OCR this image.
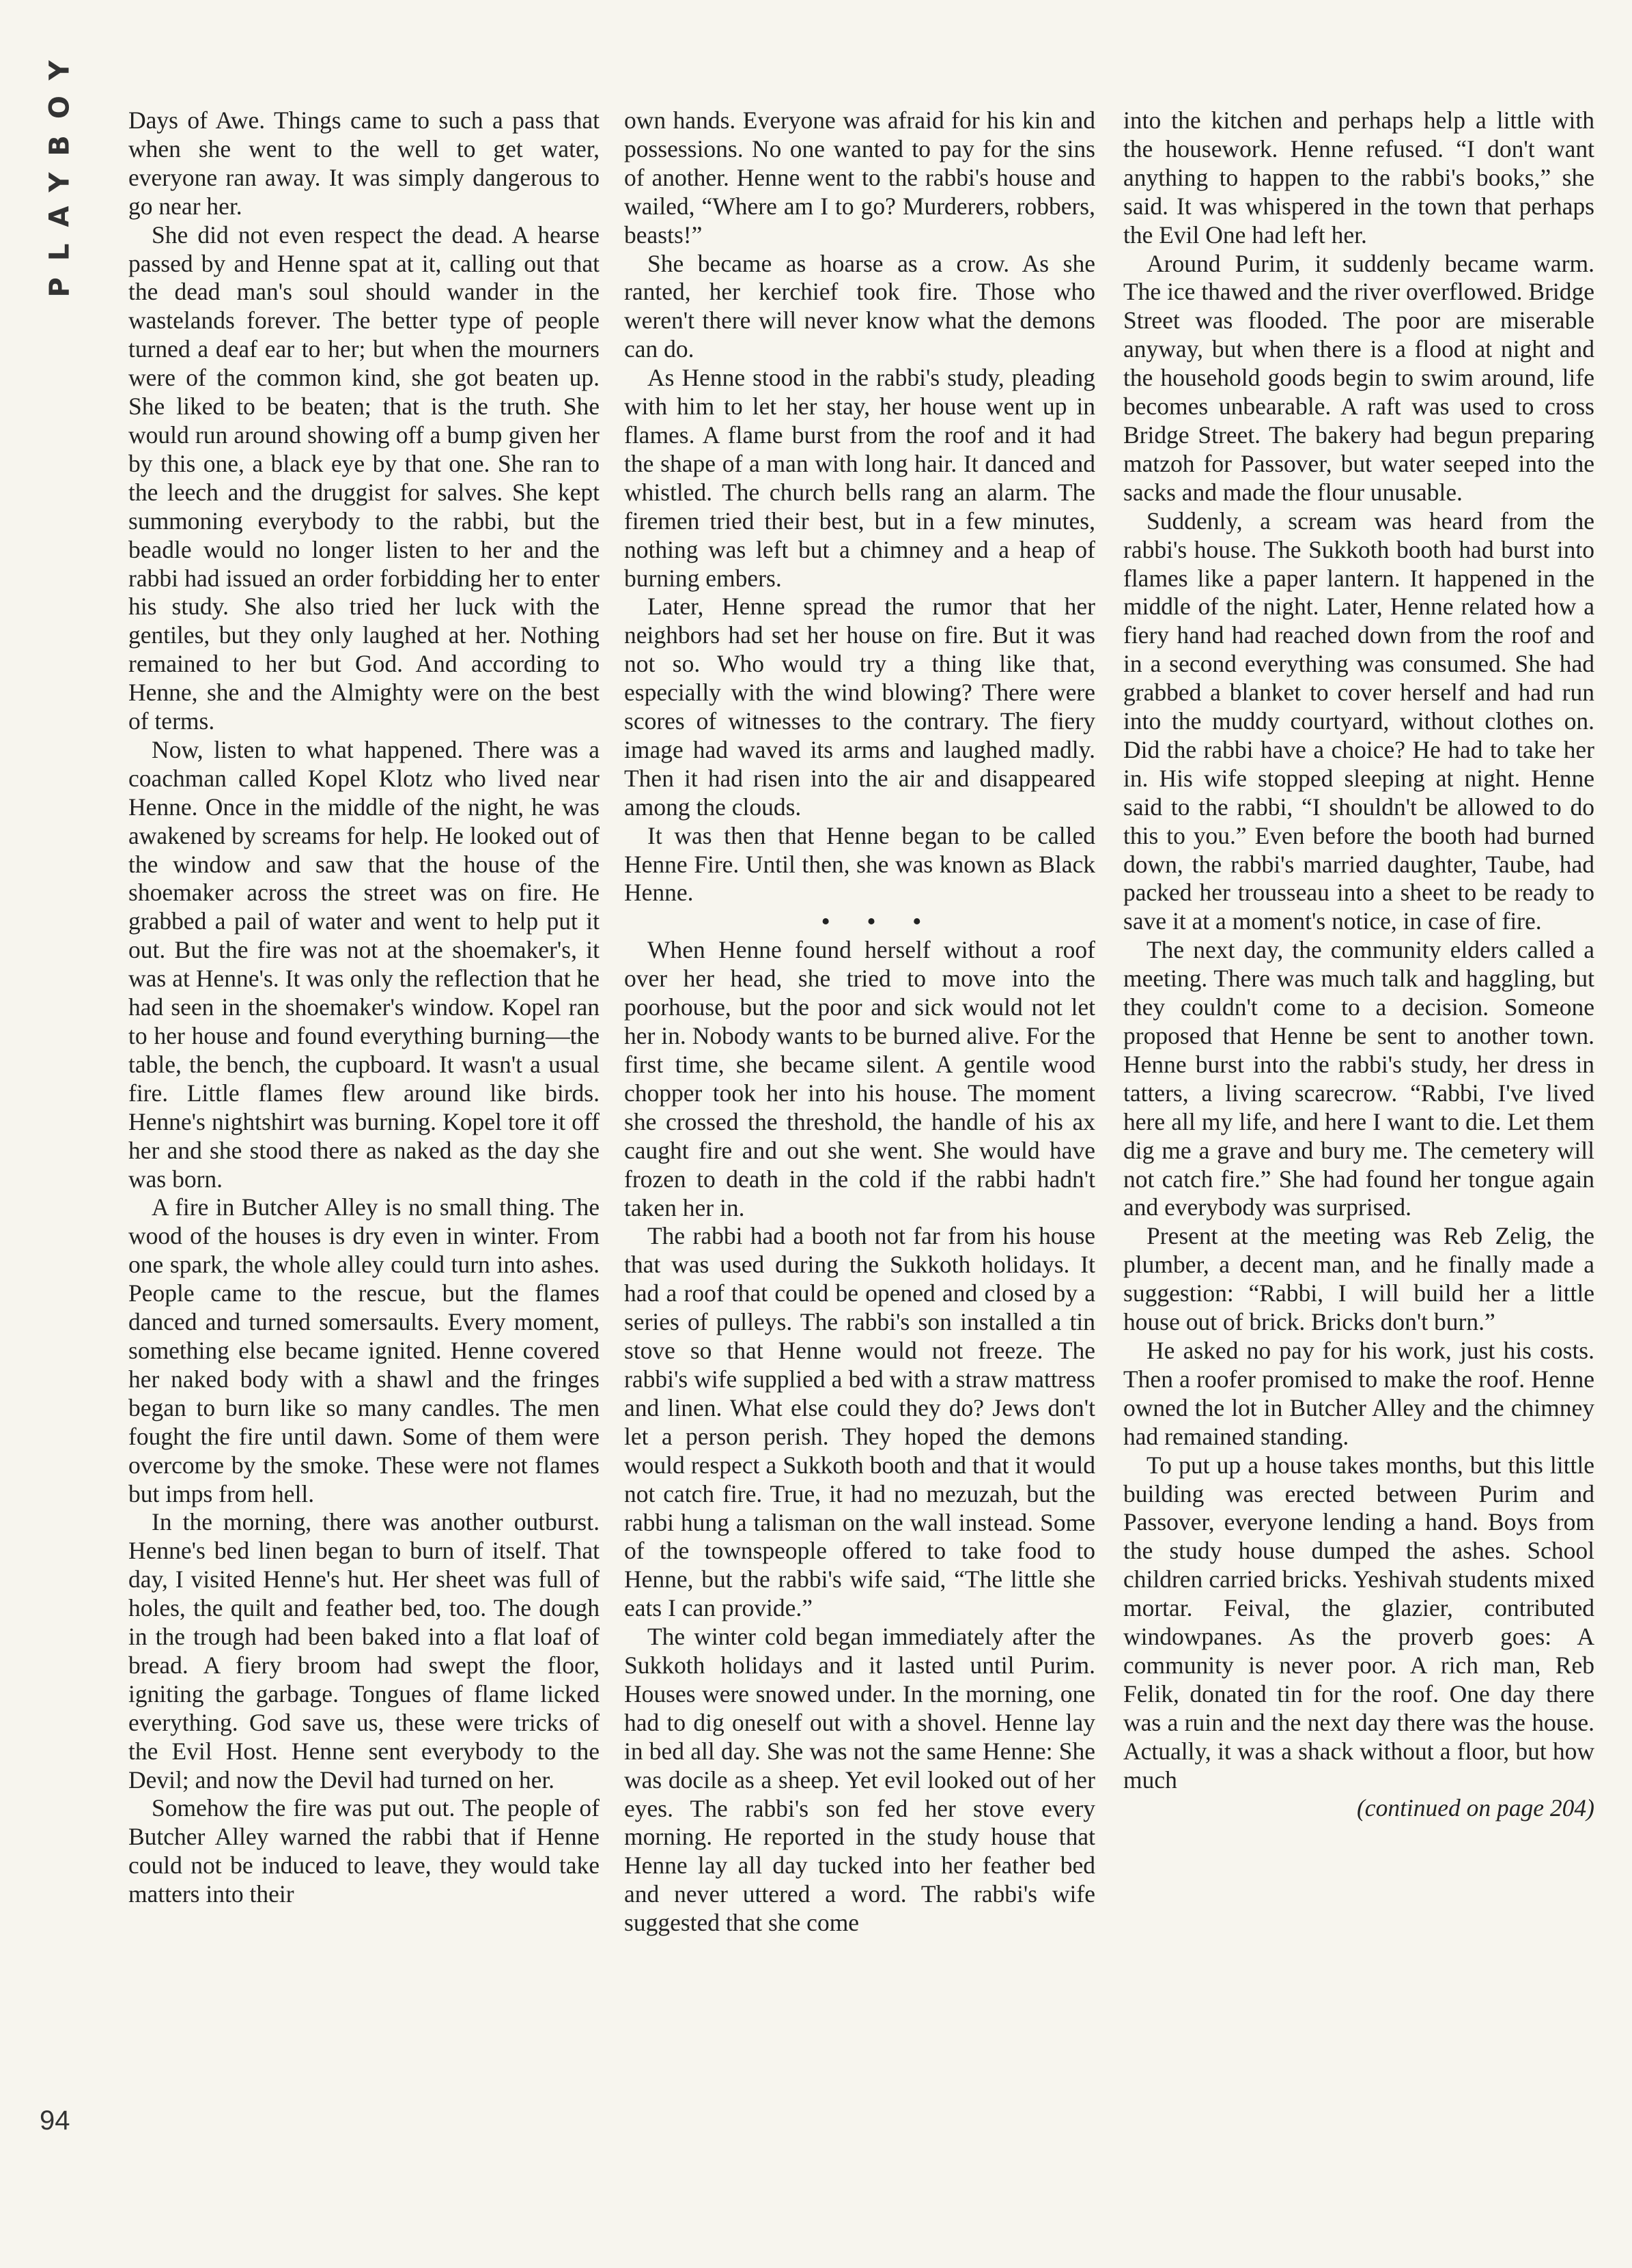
PLAYBOY Days of Awe. Things came to such a pass that when she went to the well to get water, everyone ran away. It was simply dangerous to go near her.

She did not even respect the dead. A hearse passed by and Henne spat at it, calling out that the dead man's soul should wander in the wastelands forever. The better type of people turned a deaf ear to her; but when the mourners were of the common kind, she got beaten up. She liked to be beaten; that is the truth. She would run around showing off a bump given her by this one, a black eye by that one. She ran to the leech and the druggist for salves. She kept summoning everybody to the rabbi, but the beadle would no longer listen to her and the rabbi had issued an order forbidding her to enter his study. She also tried her luck with the gentiles, but they only laughed at her. Nothing remained to her but God. And according to Henne, she and the Almighty were on the best of terms.

Now, listen to what happened. There was a coachman called Kopel Klotz who lived near Henne. Once in the middle of the night, he was awakened by screams for help. He looked out of the window and saw that the house of the shoemaker across the street was on fire. He grabbed a pail of water and went to help put it out. But the fire was not at the shoemaker's, it was at Henne's. It was only the reflection that he had seen in the shoemaker's window. Kopel ran to her house and found everything burning—the table, the bench, the cupboard. It wasn't a usual fire. Little flames flew around like birds. Henne's nightshirt was burning. Kopel tore it off her and she stood there as naked as the day she was born.

A fire in Butcher Alley is no small thing. The wood of the houses is dry even in winter. From one spark, the whole alley could turn into ashes. People came to the rescue, but the flames danced and turned somersaults. Every moment, something else became ignited. Henne covered her naked body with a shawl and the fringes began to burn like so many candles. The men fought the fire until dawn. Some of them were overcome by the smoke. These were not flames but imps from hell.

In the morning, there was another outburst. Henne's bed linen began to burn of itself. That day, I visited Henne's hut. Her sheet was full of holes, the quilt and feather bed, too. The dough in the trough had been baked into a flat loaf of bread. A fiery broom had swept the floor, igniting the garbage. Tongues of flame licked everything. God save us, these were tricks of the Evil Host. Henne sent everybody to the Devil; and now the Devil had turned on her.

Somehow the fire was put out. The people of Butcher Alley warned the rabbi that if Henne could not be induced to leave, they would take matters into their

own hands. Everyone was afraid for his kin and possessions. No one wanted to pay for the sins of another. Henne went to the rabbi's house and wailed, “Where am I to go? Murderers, robbers, beasts!”

She became as hoarse as a crow. As she ranted, her kerchief took fire. Those who weren't there will never know what the demons can do.

As Henne stood in the rabbi's study, pleading with him to let her stay, her house went up in flames. A flame burst from the roof and it had the shape of a man with long hair. It danced and whistled. The church bells rang an alarm. The firemen tried their best, but in a few minutes, nothing was left but a chimney and a heap of burning embers.

Later, Henne spread the rumor that her neighbors had set her house on fire. But it was not so. Who would try a thing like that, especially with the wind blowing? There were scores of witnesses to the contrary. The fiery image had waved its arms and laughed madly. Then it had risen into the air and disappeared among the clouds.

It was then that Henne began to be called Henne Fire. Until then, she was known as Black Henne.

• • •

When Henne found herself without a roof over her head, she tried to move into the poorhouse, but the poor and sick would not let her in. Nobody wants to be burned alive. For the first time, she became silent. A gentile wood chopper took her into his house. The moment she crossed the threshold, the handle of his ax caught fire and out she went. She would have frozen to death in the cold if the rabbi hadn't taken her in.

The rabbi had a booth not far from his house that was used during the Sukkoth holidays. It had a roof that could be opened and closed by a series of pulleys. The rabbi's son installed a tin stove so that Henne would not freeze. The rabbi's wife supplied a bed with a straw mattress and linen. What else could they do? Jews don't let a person perish. They hoped the demons would respect a Sukkoth booth and that it would not catch fire. True, it had no mezuzah, but the rabbi hung a talisman on the wall instead. Some of the townspeople offered to take food to Henne, but the rabbi's wife said, “The little she eats I can provide.”

The winter cold began immediately after the Sukkoth holidays and it lasted until Purim. Houses were snowed under. In the morning, one had to dig oneself out with a shovel. Henne lay in bed all day. She was not the same Henne: She was docile as a sheep. Yet evil looked out of her eyes. The rabbi's son fed her stove every morning. He reported in the study house that Henne lay all day tucked into her feather bed and never uttered a word. The rabbi's wife suggested that she come

into the kitchen and perhaps help a little with the housework. Henne refused. “I don't want anything to happen to the rabbi's books,” she said. It was whispered in the town that perhaps the Evil One had left her.

Around Purim, it suddenly became warm. The ice thawed and the river overflowed. Bridge Street was flooded. The poor are miserable anyway, but when there is a flood at night and the household goods begin to swim around, life becomes unbearable. A raft was used to cross Bridge Street. The bakery had begun preparing matzoh for Passover, but water seeped into the sacks and made the flour unusable.

Suddenly, a scream was heard from the rabbi's house. The Sukkoth booth had burst into flames like a paper lantern. It happened in the middle of the night. Later, Henne related how a fiery hand had reached down from the roof and in a second everything was consumed. She had grabbed a blanket to cover herself and had run into the muddy courtyard, without clothes on. Did the rabbi have a choice? He had to take her in. His wife stopped sleeping at night. Henne said to the rabbi, “I shouldn't be allowed to do this to you.” Even before the booth had burned down, the rabbi's married daughter, Taube, had packed her trousseau into a sheet to be ready to save it at a moment's notice, in case of fire.

The next day, the community elders called a meeting. There was much talk and haggling, but they couldn't come to a decision. Someone proposed that Henne be sent to another town. Henne burst into the rabbi's study, her dress in tatters, a living scarecrow. “Rabbi, I've lived here all my life, and here I want to die. Let them dig me a grave and bury me. The cemetery will not catch fire.” She had found her tongue again and everybody was surprised.

Present at the meeting was Reb Zelig, the plumber, a decent man, and he finally made a suggestion: “Rabbi, I will build her a little house out of brick. Bricks don't burn.”

He asked no pay for his work, just his costs. Then a roofer promised to make the roof. Henne owned the lot in Butcher Alley and the chimney had remained standing.

To put up a house takes months, but this little building was erected between Purim and Passover, everyone lending a hand. Boys from the study house dumped the ashes. School children carried bricks. Yeshivah students mixed mortar. Feival, the glazier, contributed windowpanes. As the proverb goes: A community is never poor. A rich man, Reb Felik, donated tin for the roof. One day there was a ruin and the next day there was the house. Actually, it was a shack without a floor, but how much

(continued on page 204)

94
